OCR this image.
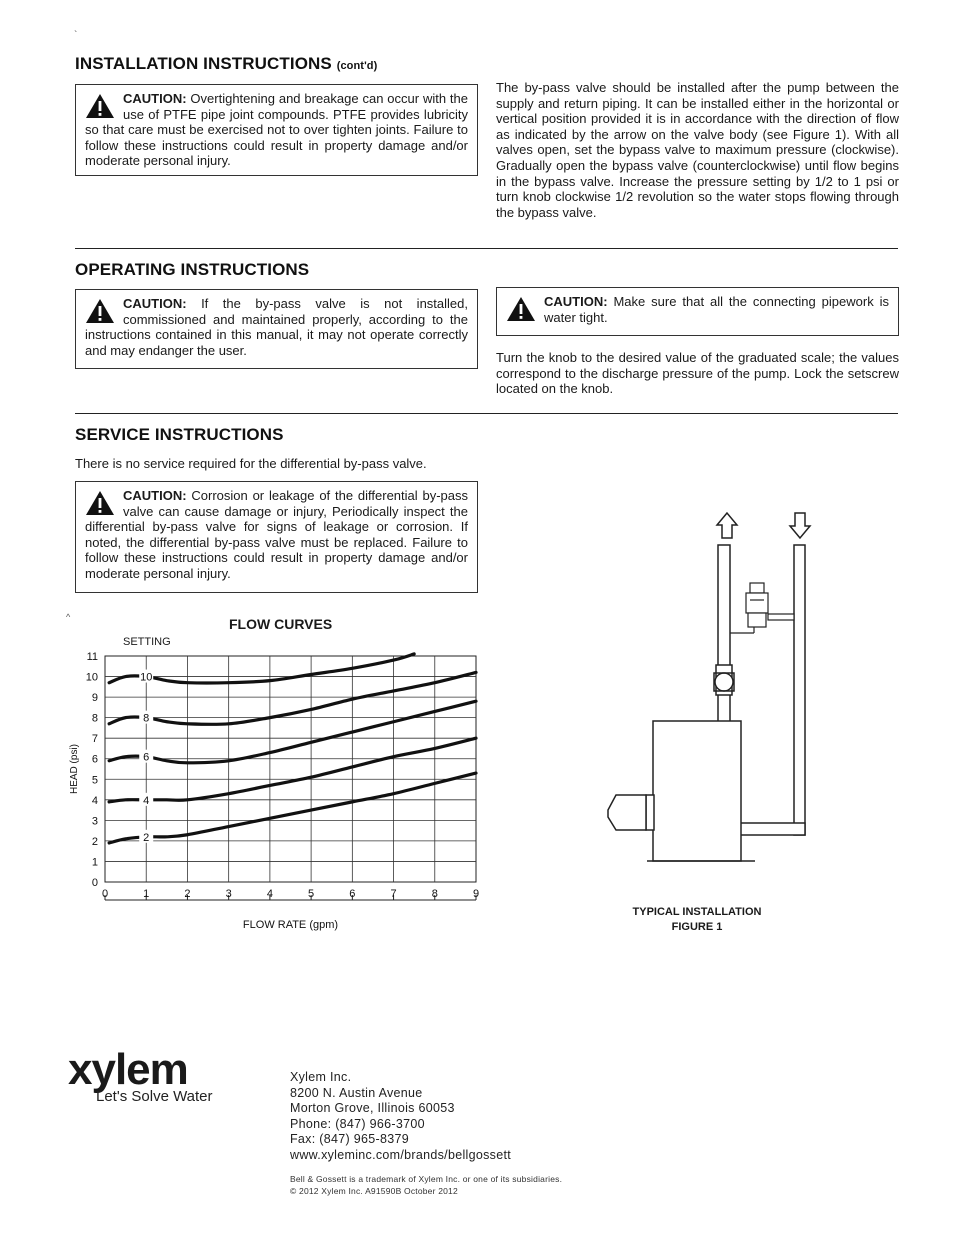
`
INSTALLATION INSTRUCTIONS (cont'd)
CAUTION: Overtightening and breakage can occur with the use of PTFE pipe joint compounds. PTFE provides lubricity so that care must be exercised not to over tighten joints. Failure to follow these instructions could result in property damage and/or moderate personal injury.
The by-pass valve should be installed after the pump between the supply and return piping. It can be installed either in the horizontal or vertical position provided it is in accordance with the direction of flow as indicated by the arrow on the valve body (see Figure 1). With all valves open, set the bypass valve to maximum pressure (clockwise). Gradually open the bypass valve (counterclockwise) until flow begins in the bypass valve. Increase the pressure setting by 1/2 to 1 psi or turn knob clockwise 1/2 revolution so the water stops flowing through the bypass valve.
OPERATING INSTRUCTIONS
CAUTION: If the by-pass valve is not installed, commissioned and maintained properly, according to the instructions contained in this manual, it may not operate correctly and may endanger the user.
CAUTION: Make sure that all the connecting pipework is water tight.
Turn the knob to the desired value of the graduated scale; the values correspond to the discharge pressure of the pump. Lock the setscrew located on the knob.
SERVICE INSTRUCTIONS
There is no service required for the differential by-pass valve.
CAUTION: Corrosion or leakage of the differential by-pass valve can cause damage or injury, Periodically inspect the differential by-pass valve for signs of leakage or corrosion. If noted, the differential by-pass valve must be replaced. Failure to follow these instructions could result in property damage and/or moderate personal injury.
^	FLOW CURVES
SETTING
0
1
2
3
4
5
6
7
8
9
10
11
0	1	2	3	4	5	6	7	8	9
FLOW RATE (gpm)
HEAD (psi)
2
4
6
8
10
TYPICAL INSTALLATION
FIGURE 1
xylem
Let's Solve Water
Xylem Inc.
8200 N. Austin Avenue
Morton Grove, Illinois 60053
Phone: (847) 966-3700
Fax: (847) 965-8379
www.xyleminc.com/brands/bellgossett
Bell & Gossett is a trademark of Xylem Inc. or one of its subsidiaries.
© 2012 Xylem Inc. A91590B October 2012
